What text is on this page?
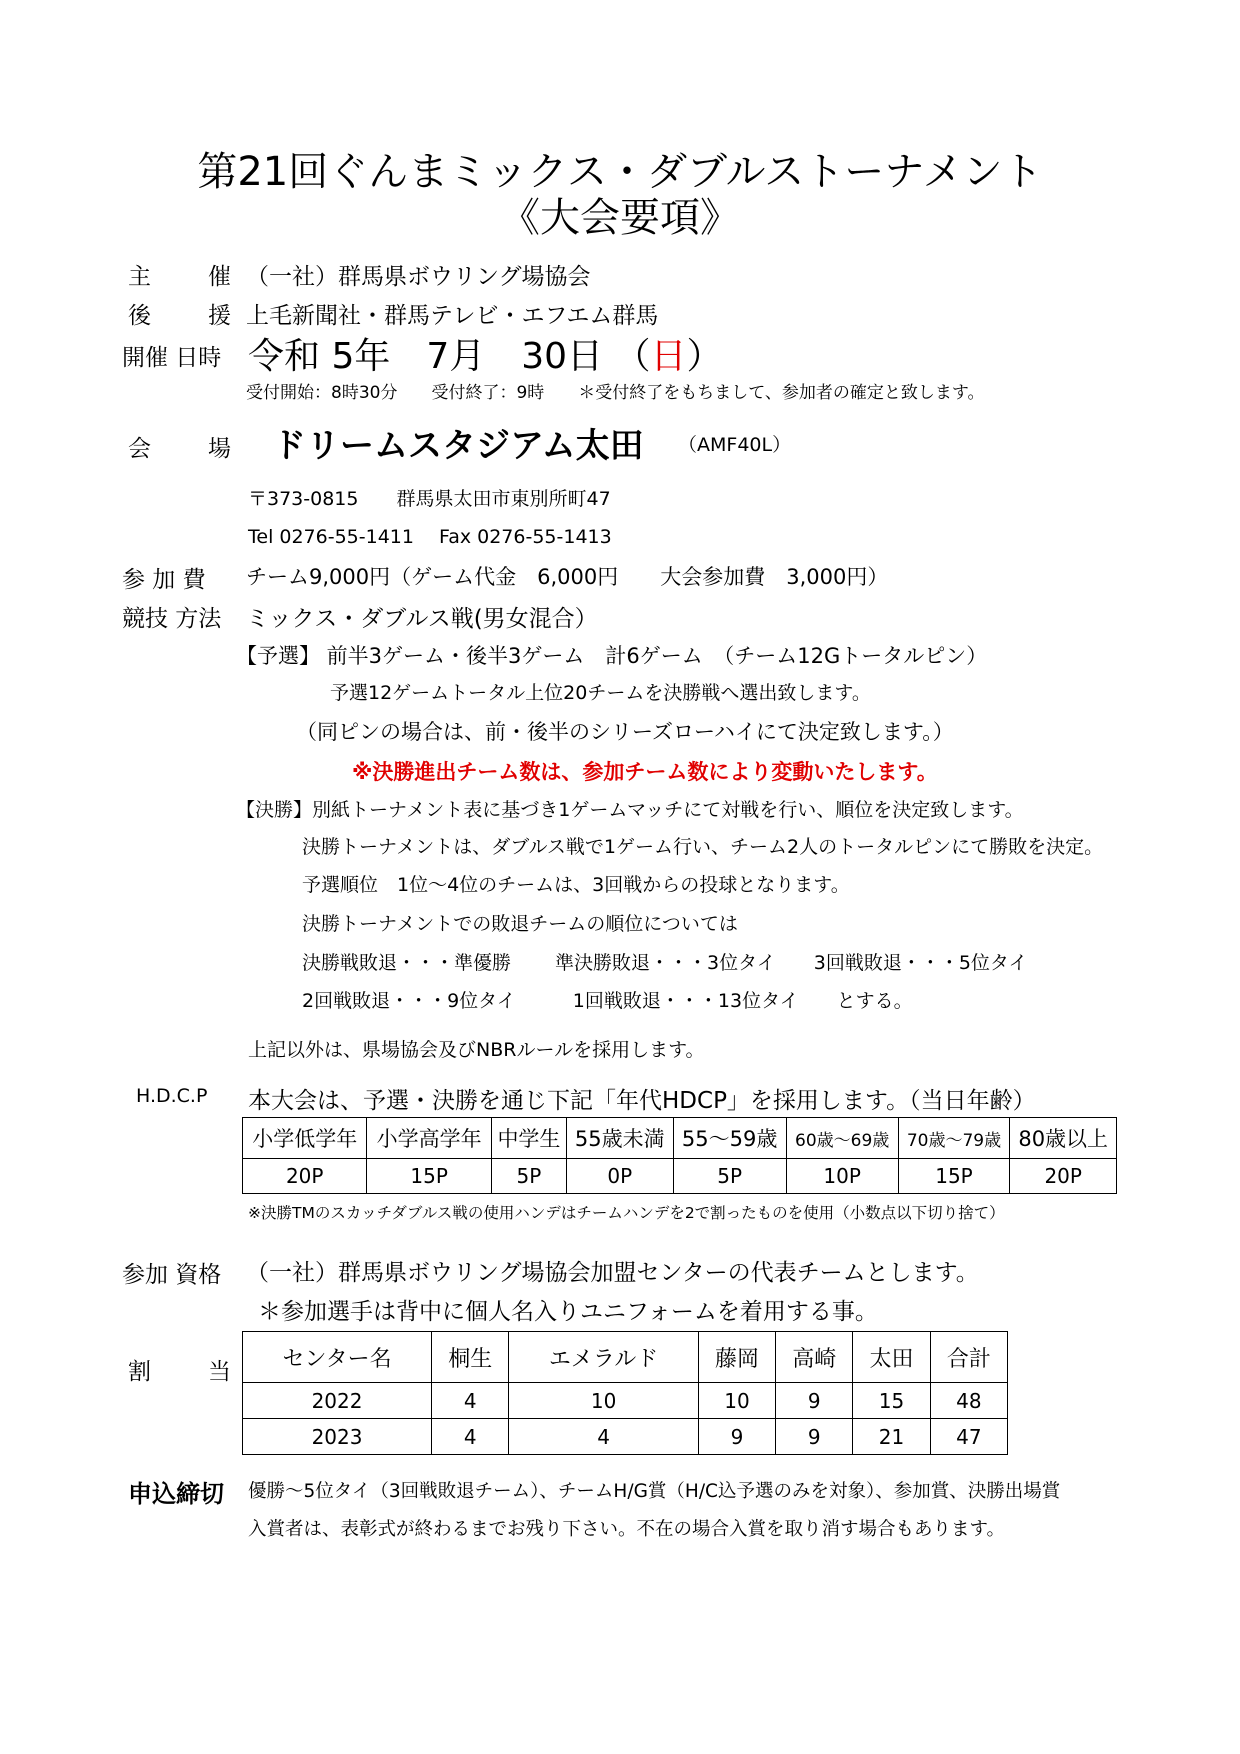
第21回ぐんまミックス・ダブルストーナメント
《大会要項》
主 催 （一社）群馬県ボウリング場協会
後 援 上毛新聞社・群馬テレビ・エフエム群馬
開催 日時 令和 5年　7月　30日 （日）
受付開始：8時30分　　受付終了：9時　　＊受付終了をもちまして、参加者の確定と致します。
会 場 ドリームスタジアム太田 （AMF40L）
〒373-0815　　群馬県太田市東別所町47
Tel 0276-55-1411　 Fax 0276-55-1413
参 加 費 チーム9,000円（ゲーム代金　6,000円　　大会参加費　3,000円）
競技 方法 ミックス・ダブルス戦(男女混合）
【予選】 前半3ゲーム・後半3ゲーム　計6ゲーム　（チーム12Gトータルピン）
予選12ゲームトータル上位20チームを決勝戦へ選出致します。
（同ピンの場合は、前・後半のシリーズローハイにて決定致します。）
※決勝進出チーム数は、参加チーム数により変動いたします。
【決勝】別紙トーナメント表に基づき1ゲームマッチにて対戦を行い、順位を決定致します。
決勝トーナメントは、ダブルス戦で1ゲーム行い、チーム2人のトータルピンにて勝敗を決定。
予選順位　1位～4位のチームは、3回戦からの投球となります。
決勝トーナメントでの敗退チームの順位については
決勝戦敗退・・・準優勝　　 準決勝敗退・・・3位タイ　　3回戦敗退・・・5位タイ
2回戦敗退・・・9位タイ　　　1回戦敗退・・・13位タイ　　とする。
上記以外は、県場協会及びNBRルールを採用します。
H.D.C.P 本大会は、予選・決勝を通じ下記「年代HDCP」を採用します。（当日年齢）
小学低学年	小学高学年	中学生	55歳未満	55～59歳	60歳～69歳	70歳～79歳	80歳以上
20P	15P	5P	0P	5P	10P	15P	20P
※決勝TMのスカッチダブルス戦の使用ハンデはチームハンデを2で割ったものを使用（小数点以下切り捨て）
参加 資格 （一社）群馬県ボウリング場協会加盟センターの代表チームとします。
＊参加選手は背中に個人名入りユニフォームを着用する事。
割 当 センター名	桐生	エメラルド	藤岡	高崎	太田	合計
2022	4	10	10	9	15	48
2023	4	4	9	9	21	47
申込締切 優勝～5位タイ（3回戦敗退チーム）、チームH/G賞（H/C込予選のみを対象）、参加賞、決勝出場賞
入賞者は、表彰式が終わるまでお残り下さい。不在の場合入賞を取り消す場合もあります。
